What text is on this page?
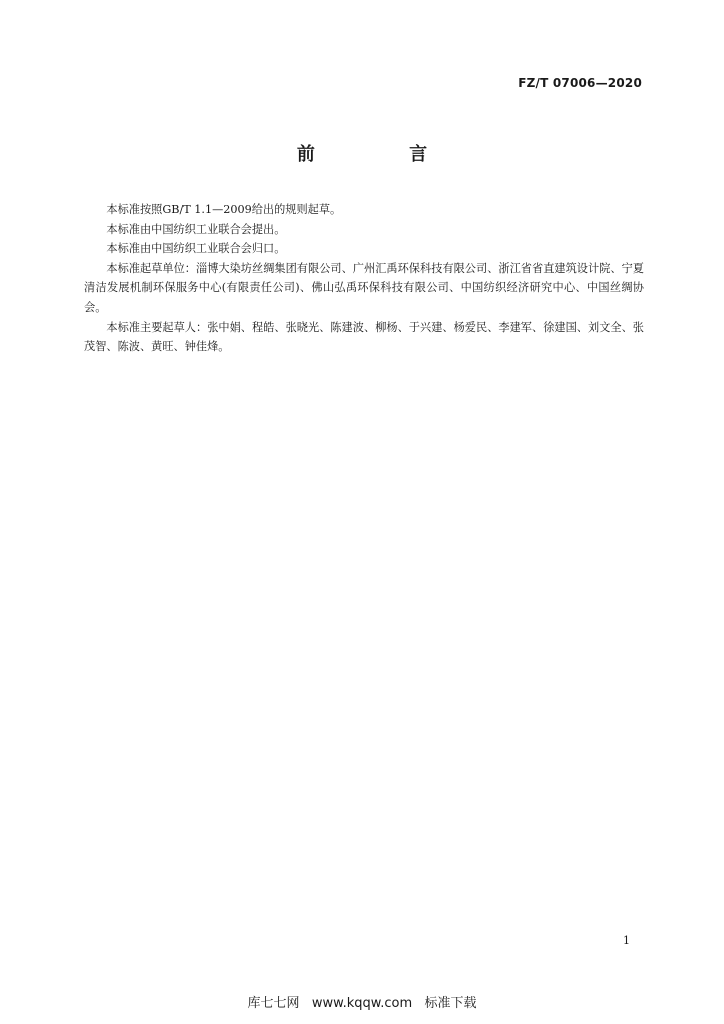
FZ/T 07006—2020
前 言

本标准按照GB/T 1.1—2009给出的规则起草。

本标准由中国纺织工业联合会提出。

本标准由中国纺织工业联合会归口。

本标准起草单位：淄博大染坊丝绸集团有限公司、广州汇禹环保科技有限公司、浙江省省直建筑设计院、宁夏清洁发展机制环保服务中心(有限责任公司)、佛山弘禹环保科技有限公司、中国纺织经济研究中心、中国丝绸协会。

本标准主要起草人：张中娟、程皓、张晓光、陈建波、柳杨、于兴建、杨爱民、李建军、徐建国、刘文全、张茂智、陈波、黄旺、钟佳烽。

1
库七七网   www.kqqw.com   标准下载
